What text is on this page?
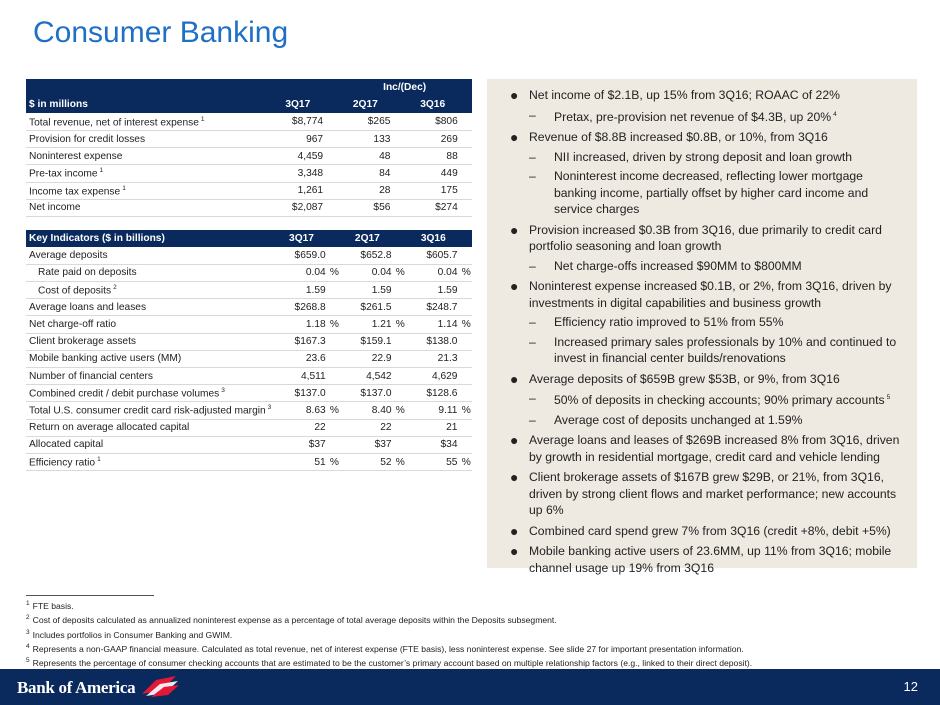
Consumer Banking
			Inc/(Dec)			
$ in millions	3Q17		2Q17		3Q16	
Total revenue, net of interest expense $^1$	$8,774		$265		$806	
Provision for credit losses	967		133		269	
Noninterest expense	4,459		48		88	
Pre-tax income $^1$	3,348		84		449	
Income tax expense $^1$	1,261		28		175	
Net income	$2,087		$56		$274	
Key Indicators ($ in billions)	3Q17		2Q17		3Q16	
Average deposits	$659.0		$652.8		$605.7	
Rate paid on deposits	0.04	%	0.04	%	0.04	%
Cost of deposits $^2$	1.59		1.59		1.59	
Average loans and leases	$268.8		$261.5		$248.7	
Net charge-off ratio	1.18	%	1.21	%	1.14	%
Client brokerage assets	$167.3		$159.1		$138.0	
Mobile banking active users (MM)	23.6		22.9		21.3	
Number of financial centers	4,511		4,542		4,629	
Combined credit / debit purchase volumes $^3$	$137.0		$137.0		$128.6	
Total U.S. consumer credit card risk-adjusted margin $^3$	8.63	%	8.40	%	9.11	%
Return on average allocated capital	22		22		21	
Allocated capital	$37		$37		$34	
Efficiency ratio $^1$	51	%	52	%	55	%
● Net income of $2.1B, up 15% from 3Q16; ROAAC of 22%
– Pretax, pre-provision net revenue of $4.3B, up 20% $^4$
● Revenue of $8.8B increased $0.8B, or 10%, from 3Q16
– NII increased, driven by strong deposit and loan growth
– Noninterest income decreased, reflecting lower mortgage banking income, partially offset by higher card income and service charges
● Provision increased $0.3B from 3Q16, due primarily to credit card portfolio seasoning and loan growth
– Net charge-offs increased $90MM to $800MM
● Noninterest expense increased $0.1B, or 2%, from 3Q16, driven by investments in digital capabilities and business growth
– Efficiency ratio improved to 51% from 55%
– Increased primary sales professionals by 10% and continued to invest in financial center builds/renovations
● Average deposits of $659B grew $53B, or 9%, from 3Q16
– 50% of deposits in checking accounts; 90% primary accounts $^5$
– Average cost of deposits unchanged at 1.59%
● Average loans and leases of $269B increased 8% from 3Q16, driven by growth in residential mortgage, credit card and vehicle lending
● Client brokerage assets of $167B grew $29B, or 21%, from 3Q16, driven by strong client flows and market performance; new accounts up 6%
● Combined card spend grew 7% from 3Q16 (credit +8%, debit +5%)
● Mobile banking active users of 23.6MM, up 11% from 3Q16; mobile channel usage up 19% from 3Q16
$^1$ FTE basis.
$^2$ Cost of deposits calculated as annualized noninterest expense as a percentage of total average deposits within the Deposits subsegment.
$^3$ Includes portfolios in Consumer Banking and GWIM.
$^4$ Represents a non-GAAP financial measure. Calculated as total revenue, net of interest expense (FTE basis), less noninterest expense. See slide 27 for important presentation information.
$^5$ Represents the percentage of consumer checking accounts that are estimated to be the customer’s primary account based on multiple relationship factors (e.g., linked to their direct deposit).
Bank of America	12
